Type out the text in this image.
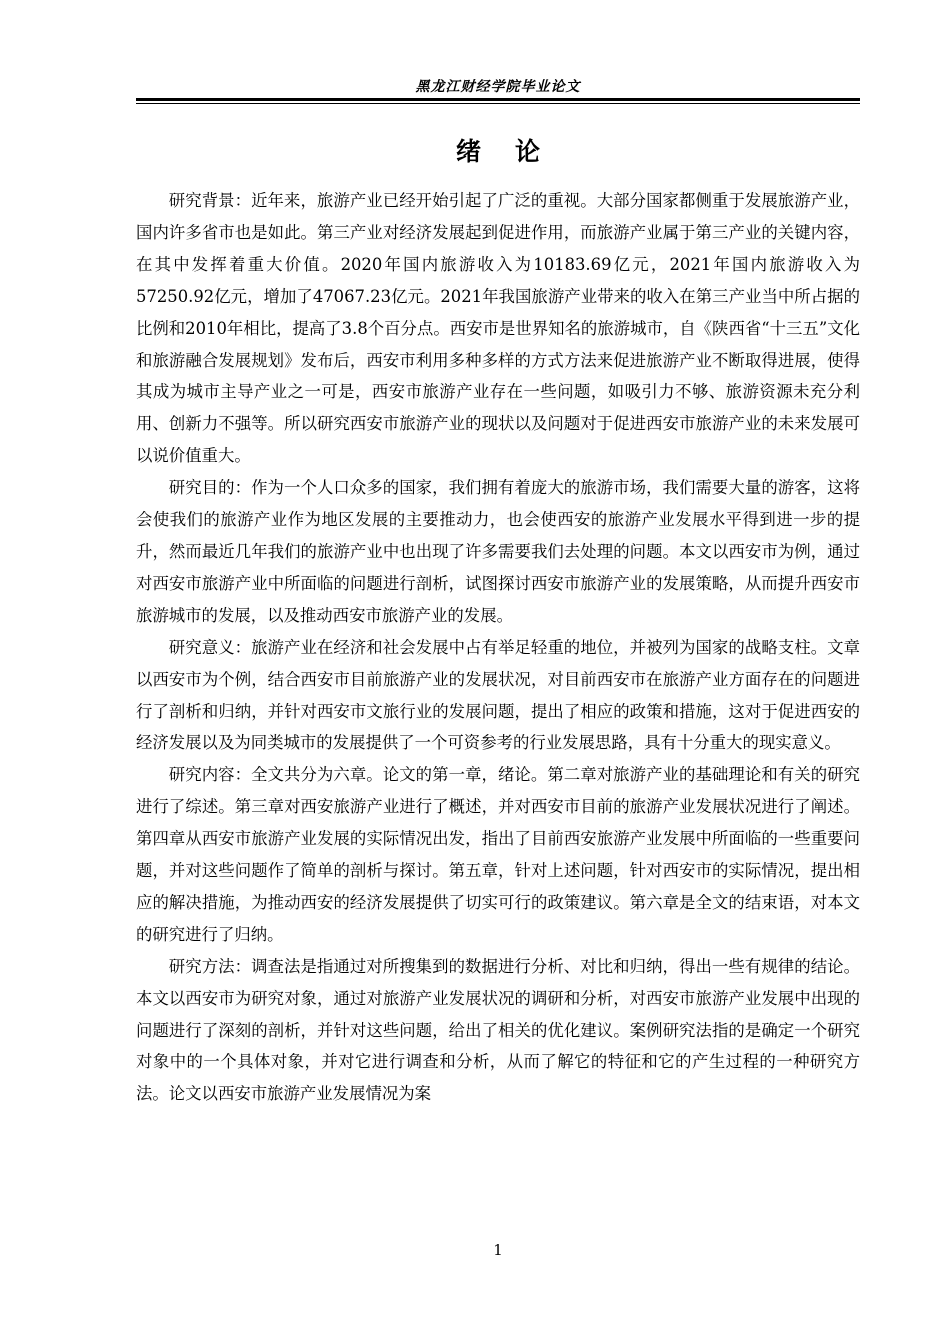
黑龙江财经学院毕业论文
绪论

研究背景：近年来，旅游产业已经开始引起了广泛的重视。大部分国家都侧重于发展旅游产业，国内许多省市也是如此。第三产业对经济发展起到促进作用，而旅游产业属于第三产业的关键内容，在其中发挥着重大价值。2020年国内旅游收入为10183.69亿元，2021年国内旅游收入为57250.92亿元，增加了47067.23亿元。2021年我国旅游产业带来的收入在第三产业当中所占据的比例和2010年相比，提高了3.8个百分点。西安市是世界知名的旅游城市，自《陕西省“十三五”文化和旅游融合发展规划》发布后，西安市利用多种多样的方式方法来促进旅游产业不断取得进展，使得其成为城市主导产业之一可是，西安市旅游产业存在一些问题，如吸引力不够、旅游资源未充分利用、创新力不强等。所以研究西安市旅游产业的现状以及问题对于促进西安市旅游产业的未来发展可以说价值重大。

研究目的：作为一个人口众多的国家，我们拥有着庞大的旅游市场，我们需要大量的游客，这将会使我们的旅游产业作为地区发展的主要推动力，也会使西安的旅游产业发展水平得到进一步的提升，然而最近几年我们的旅游产业中也出现了许多需要我们去处理的问题。本文以西安市为例，通过对西安市旅游产业中所面临的问题进行剖析，试图探讨西安市旅游产业的发展策略，从而提升西安市旅游城市的发展，以及推动西安市旅游产业的发展。

研究意义：旅游产业在经济和社会发展中占有举足轻重的地位，并被列为国家的战略支柱。文章以西安市为个例，结合西安市目前旅游产业的发展状况，对目前西安市在旅游产业方面存在的问题进行了剖析和归纳，并针对西安市文旅行业的发展问题，提出了相应的政策和措施，这对于促进西安的经济发展以及为同类城市的发展提供了一个可资参考的行业发展思路，具有十分重大的现实意义。

研究内容：全文共分为六章。论文的第一章，绪论。第二章对旅游产业的基础理论和有关的研究进行了综述。第三章对西安旅游产业进行了概述，并对西安市目前的旅游产业发展状况进行了阐述。第四章从西安市旅游产业发展的实际情况出发，指出了目前西安旅游产业发展中所面临的一些重要问题，并对这些问题作了简单的剖析与探讨。第五章，针对上述问题，针对西安市的实际情况，提出相应的解决措施，为推动西安的经济发展提供了切实可行的政策建议。第六章是全文的结束语，对本文的研究进行了归纳。

研究方法：调查法是指通过对所搜集到的数据进行分析、对比和归纳，得出一些有规律的结论。本文以西安市为研究对象，通过对旅游产业发展状况的调研和分析，对西安市旅游产业发展中出现的问题进行了深刻的剖析，并针对这些问题，给出了相关的优化建议。案例研究法指的是确定一个研究对象中的一个具体对象，并对它进行调查和分析，从而了解它的特征和它的产生过程的一种研究方法。论文以西安市旅游产业发展情况为案

1
